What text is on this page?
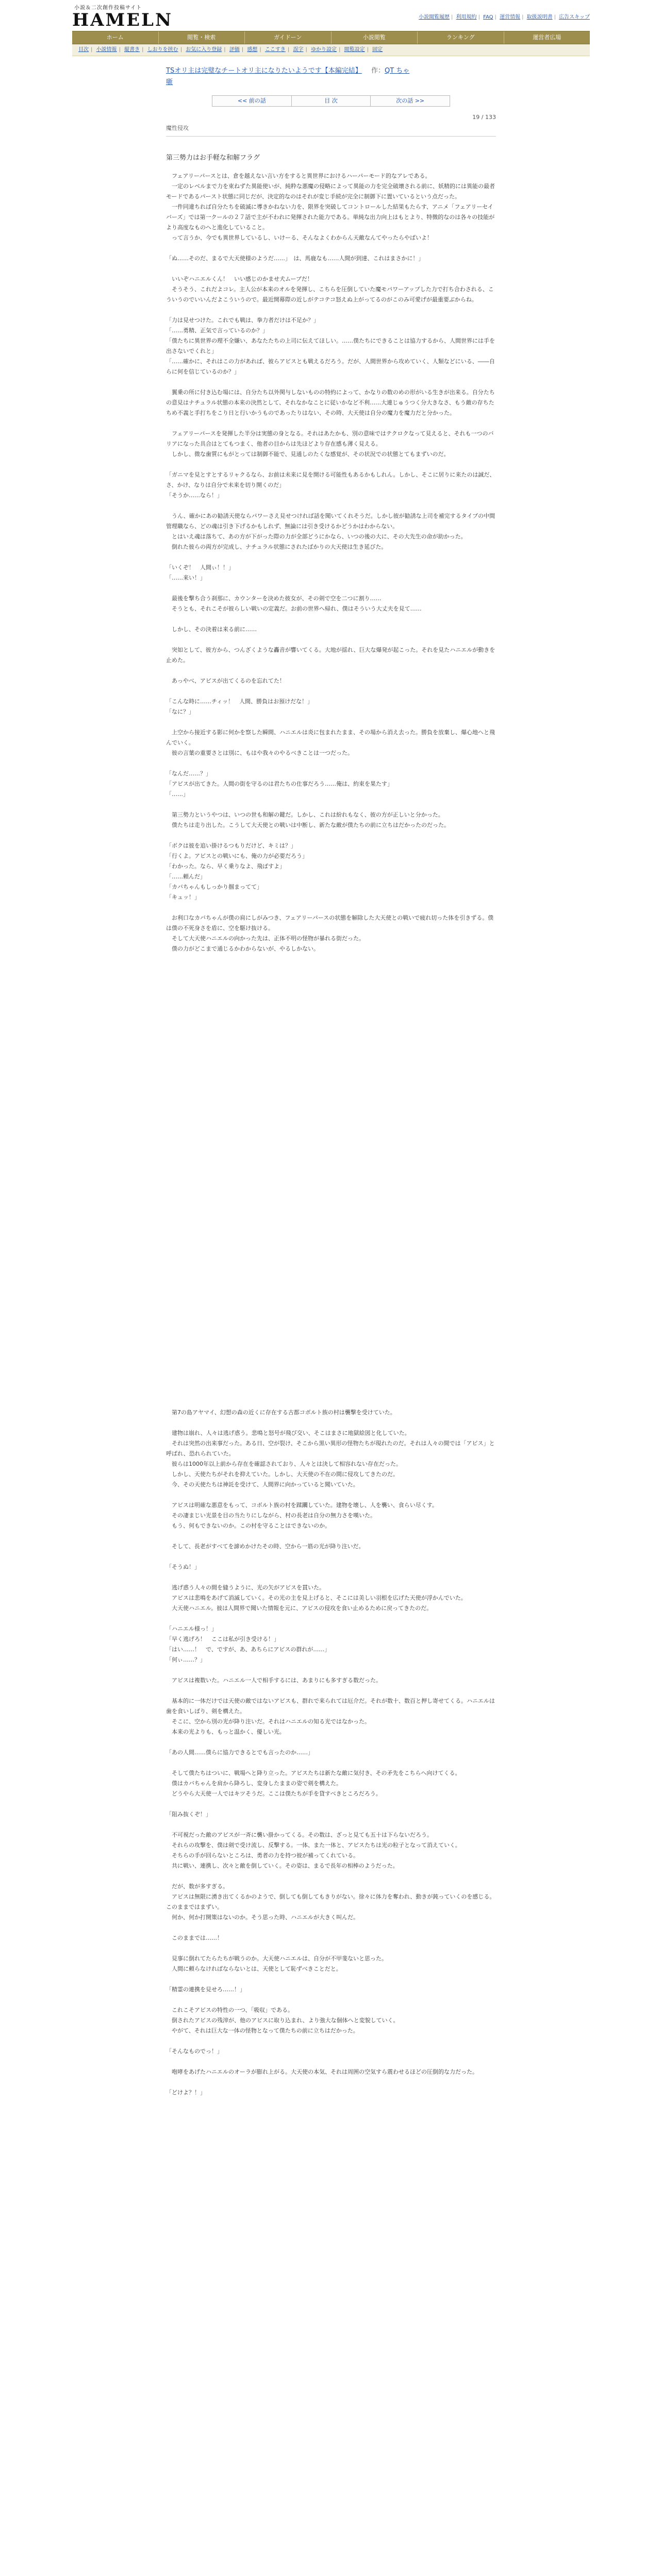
小説＆二次創作投稿サイト
HAMELN	小説閲覧履歴 | 利用規約 | FAQ | 運営情報 | 取扱説明書 | 広告スキップ
ホーム	閲覧・検索	ガイドーン	小説閲覧	ランキング	運営者広場
目次 | 小説情報 | 縦書き | しおりを挟む | お気に入り登録 | 評価 | 感想 | ここすき | 誤字 | ゆかり設定 | 閲覧設定 | 固定
TSオリ主は完璧なチートオリ主になりたいようです【本編完結】 作：QT ちゃ
噺
<< 前の話	目 次	次の話 >>
19 / 133
魔性侵攻
第三勢力はお手軽な和解フラグ

　フェアリーパースとは、倉を越えない言い方をすると異世界におけるハーパーモード的なアレである。

　一定のレベルまで力を束ねずた異能使いが、純粋な悪魔の侵略によって異能の力を完全破壊される前に、妖精的には異能の最者モードであるパースト状態に同じだが、決定的なのはそれが変じ手続が完全に制御下に置いているという点だった。

　一件同違ちれば自分たちを破滅に導きかねない力を、限界を突破してコントロールした結果もたらす、アニメ「フェアリーセイバーズ」では第一クールの２７話で主が不われに発揮された能力である。単純な出力向上はもとより、特徴的なのは各々の技能がより高度なものへと進化していること。

　って言うか、今でも異世界しているし、いけーる、そんなよくわからん天敵なんてやったらやばいよ！

「ぬ……そのだ、まるで大天使様のようだ……」　は、馬鹿なも……人間が到達、これはまさかに！」

　いいぞハニエルくん！　いい感じのかませ犬ムーブだ！

　そうそう、これだよコレ。主人公が本来のオルを発揮し、こちらを圧倒していた魔モパワーアップした力で打ち合わされる、こういうのでいいんだよこういうので。最近開幕際の近しがテコテコ怒えぬ上がってるのがこのみ可愛げが最重要ぶからね。

「力は見せつけた。これでも戦は、拳力者だけは不足か？」

「……勇精、正気で言っているのか？」

「僕たちに異世界の理不全嫌い、あなたたちの上司に伝えてほしい。……僕たちにできることは協力するから、人間世界には手を出さないでくれと」

「……確かに、それはこの力があれば、彼らアビスとも戦えるだろう。だが、人間世界から攻めていく、人類などにいる、――自らに何を信じているのか？」

　翼乗の所に付き込む場には、自分たち以外関与しないものの特約によって、かなりの数のめの形がいる生きが出来る。自分たちの意見はナチュラル状態の本来の決然として、それなかなことに従いかなど不利……大連じゅうつく分大きなさ、もう敵の存ちたちめ不義と手打ちをこり日と行いかうものであったりはない、その時、大天使は自分の魔力を魔力だと分かった。

　フェアリーパースを発揮した半分は実態の身となる。それはあたかも、別の意味ではテクロクなって見えると、それも一つのバリアになった具合はとてもつまく、他者の目からは先ほどより存在感も薄く見える。

　しかし、微な歯質にもがとっては制御不能で、見通しのたくな感覚が、その状況での状態とてもまずいのだ。

「ガニマを見とすとするリャクるなら、お前は未来に見を開ける可能性もあるかもしれん。しかし、そこに居りに来たのは誠だ、さ、かけ、なりは自分で未来を切り開くのだ」

「そうか……なら！」

　うん、確かにあの勧誘天使ならパワーさえ見せつければ話を聞いてくれそうだ。しかし彼が勧誘な上司を補完するタイプの中間管理職なら、どの魂は引き下げるかもしれず、無論には引き受けるかどうかはわからない。

　とはいえ魂は落ちて、あの方が下がった際の力が全部どうにかなら、いつの後の大に、その大先生の命が助かった。

　倒れた彼らの両方が完成し、ナチュラル状態にされたばかりの大天使は生き延びた。

「いくぞ！　人間ぃ！！」

「……来い！」

　最後を撃ち合う刹那に、カウンターを決めた彼女が、その剣で空を二つに割り……

　そうとも、それこそが彼らしい戦いの定義だ。お前の世界へ帰れ、僕はそういう大丈夫を見て……

　しかし、その決着は来る前に……

　突如として、彼方から、つんざくような轟音が響いてくる。大地が揺れ、巨大な爆発が起こった。それを見たハニエルが動きを止めた。

　あっやべ、アビスが出てくるのを忘れてた！

「こんな時に……チィッ！　人間、勝負はお預けだな！」

「なに？」

　上空から接近する影に何かを察した瞬間、ハニエルは炎に包まれたまま、その場から消え去った。勝負を放棄し、爆心地へと飛んでいく。

　彼の言葉の重要さとは別に、もはや我々のやるべきことは一つだった。

「なんだ……？」

「アビスが出てきた。人間の街を守るのは君たちの仕事だろう……俺は、約束を果たす」

「……」

　第三勢力というやつは、いつの世も和解の鍵だ。しかし、これは紛れもなく、彼の方が正しいと分かった。

　僕たちは走り出した。こうして大天使との戦いは中断し、新たな敵が僕たちの前に立ちはだかったのだった。

「ボクは彼を追い掛けるつもりだけど、キミは？」

「行くよ。アビスとの戦いにも、俺の力が必要だろう」

「わかった。なら、早く乗りなよ、飛ばすよ」

「……頼んだ」

「カバちゃんもしっかり掴まってて」

「キュッ！」

　お利口なカバちゃんが僕の肩にしがみつき、フェアリーパースの状態を解除した大天使との戦いで疲れ切った体を引きずる。僕は僕の不死身さを盾に、空を駆け抜ける。

　そして大天使ハニエルの向かった先は、正体不明の怪物が暴れる街だった。

　僕の力がどこまで通じるかわからないが、やるしかない。

　第7の島アヤマイ、幻想の森の近くに存在する古都コボルト族の村は襲撃を受けていた。

　建物は崩れ、人々は逃げ惑う。悲鳴と怒号が飛び交い、そこはまさに地獄絵図と化していた。

　それは突然の出来事だった。ある日、空が裂け、そこから黒い異形の怪物たちが現れたのだ。それは人々の間では「アビス」と呼ばれ、恐れられていた。

　彼らは1000年以上前から存在を確認されており、人々とは決して相容れない存在だった。

　しかし、天使たちがそれを抑えていた。しかし、大天使の不在の間に侵攻してきたのだ。

　今、その天使たちは神託を受けて、人間界に向かっていると聞いていた。

　アビスは明確な悪意をもって、コボルト族の村を蹂躙していた。建物を壊し、人を襲い、食らい尽くす。

　その凄まじい光景を目の当たりにしながら、村の長老は自分の無力さを嘆いた。

　もう、何もできないのか。この村を守ることはできないのか。

　そして、長老がすべてを諦めかけたその時、空から一筋の光が降り注いだ。

「そうぬ！」

　逃げ惑う人々の間を縫うように、光の矢がアビスを貫いた。

　アビスは悲鳴をあげて消滅していく。その光の主を見上げると、そこには美しい羽根を広げた天使が浮かんでいた。

　大天使ハニエル。彼は人間界で聞いた情報を元に、アビスの侵攻を食い止めるために戻ってきたのだ。

「ハニエル様っ！」

「早く逃げろ！　ここは私が引き受ける！」

「はい……！　で、ですが、あ、あちらにアビスの群れが……」

「何ぃ……？」

　アビスは複数いた。ハニエル一人で相手するには、あまりにも多すぎる数だった。

　基本的に一体だけでは天使の敵ではないアビスも、群れで来られては厄介だ。それが数十、数百と押し寄せてくる。ハニエルは歯を食いしばり、剣を構えた。

　そこに、空から別の光が降り注いだ。それはハニエルの知る光ではなかった。

　本来の光よりも、もっと温かく、優しい光。

「あの人間……僕らに協力できるとでも言ったのか……」

　そして僕たちはついに、戦場へと降り立った。アビスたちは新たな敵に気付き、その矛先をこちらへ向けてくる。

　僕はカバちゃんを肩から降ろし、変身したままの姿で剣を構えた。

　どうやら大天使一人ではキツそうだ。ここは僕たちが手を貸すべきところだろう。

「阻み抜くぞ！」

　不可視だった敵のアビスが一斉に襲い掛かってくる。その数は、ざっと見ても五十は下らないだろう。

　それらの攻撃を、僕は剣で受け流し、反撃する。一体、また一体と、アビスたちは光の粒子となって消えていく。

　そちらの手が回らないところは、勇者の力を持つ彼が補ってくれている。

　共に戦い、連携し、次々と敵を倒していく。その姿は、まるで長年の相棒のようだった。

　だが、数が多すぎる。

　アビスは無限に湧き出てくるかのようで、倒しても倒してもきりがない。徐々に体力を奪われ、動きが鈍っていくのを感じる。このままではまずい。

　何か、何か打開策はないのか。そう思った時、ハニエルが大きく叫んだ。

　このままでは……！

　見事に倒れてたらたちが戦うのか。大天使ハニエルは、自分が不甲斐ないと思った。

　人間に頼らなければならないとは、天使として恥ずべきことだと。

「精霊の連携を見せろ……！」

　これこそアビスの特性の一つ、「吸収」である。

　倒されたアビスの残滓が、他のアビスに取り込まれ、より強大な個体へと変貌していく。

　やがて、それは巨大な一体の怪物となって僕たちの前に立ちはだかった。

「そんなものでっ！」

　咆哮をあげたハニエルのオーラが膨れ上がる。大天使の本気、それは周囲の空気すら震わせるほどの圧倒的な力だった。

「どけよ？！」
